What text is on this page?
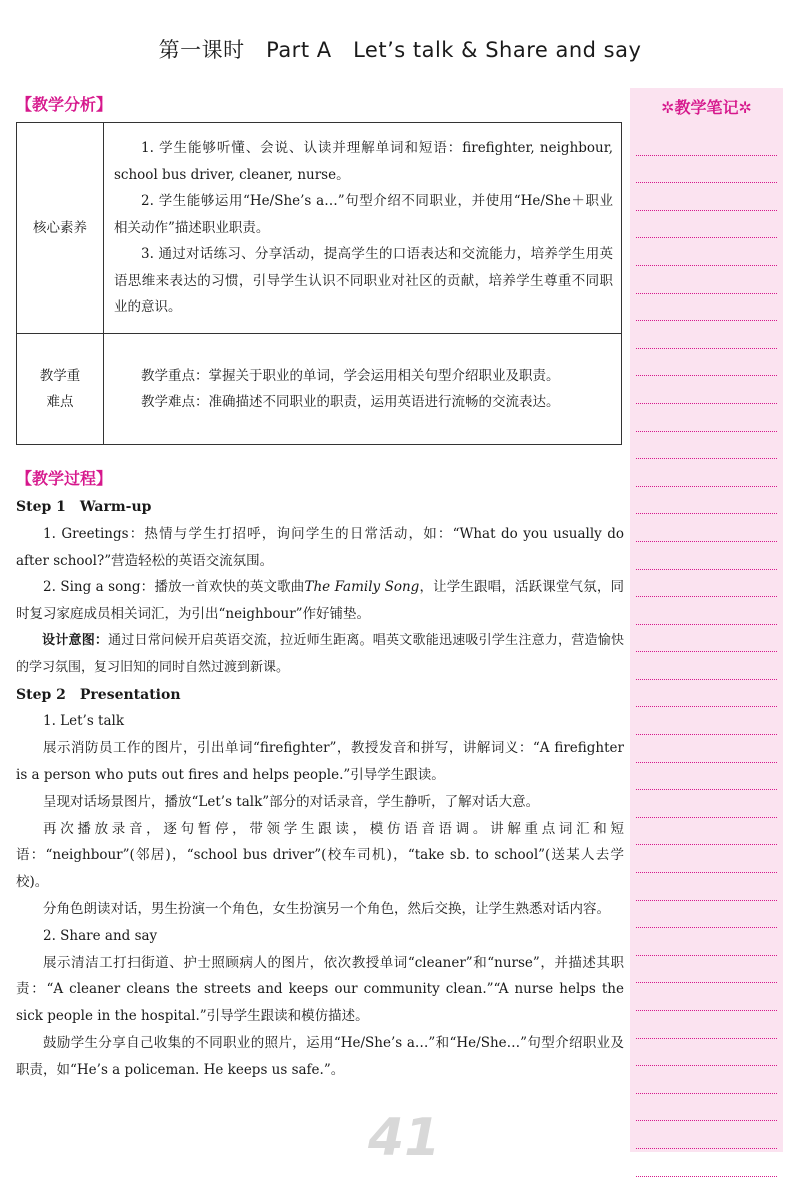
第一课时　Part A　Let’s talk & Share and say
【教学分析】
核心素养	1. 学生能够听懂、会说、认读并理解单词和短语：firefighter, neighbour, school bus driver, cleaner, nurse。

2. 学生能够运用“He/She’s a…”句型介绍不同职业，并使用“He/She＋职业相关动作”描述职业职责。

3. 通过对话练习、分享活动，提高学生的口语表达和交流能力，培养学生用英语思维来表达的习惯，引导学生认识不同职业对社区的贡献，培养学生尊重不同职业的意识。

教学重难点	教学重点：掌握关于职业的单词，学会运用相关句型介绍职业及职责。

教学难点：准确描述不同职业的职责，运用英语进行流畅的交流表达。

【教学过程】

Step 1　Warm-up

1. Greetings：热情与学生打招呼，询问学生的日常活动，如：“What do you usually do after school?”营造轻松的英语交流氛围。

2. Sing a song：播放一首欢快的英文歌曲The Family Song，让学生跟唱，活跃课堂气氛，同时复习家庭成员相关词汇，为引出“neighbour”作好铺垫。

设计意图：通过日常问候开启英语交流，拉近师生距离。唱英文歌能迅速吸引学生注意力，营造愉快的学习氛围，复习旧知的同时自然过渡到新课。

Step 2　Presentation

1. Let’s talk

展示消防员工作的图片，引出单词“firefighter”，教授发音和拼写，讲解词义：“A firefighter is a person who puts out fires and helps people.”引导学生跟读。

呈现对话场景图片，播放“Let’s talk”部分的对话录音，学生静听，了解对话大意。

再次播放录音，逐句暂停，带领学生跟读，模仿语音语调。讲解重点词汇和短语：“neighbour”(邻居)，“school bus driver”(校车司机)，“take sb. to school”(送某人去学校)。

分角色朗读对话，男生扮演一个角色，女生扮演另一个角色，然后交换，让学生熟悉对话内容。

2. Share and say

展示清洁工打扫街道、护士照顾病人的图片，依次教授单词“cleaner”和“nurse”，并描述其职责：“A cleaner cleans the streets and keeps our community clean.”“A nurse helps the sick people in the hospital.”引导学生跟读和模仿描述。

鼓励学生分享自己收集的不同职业的照片，运用“He/She’s a…”和“He/She…”句型介绍职业及职责，如“He’s a policeman. He keeps us safe.”。

✲教学笔记✲
41
